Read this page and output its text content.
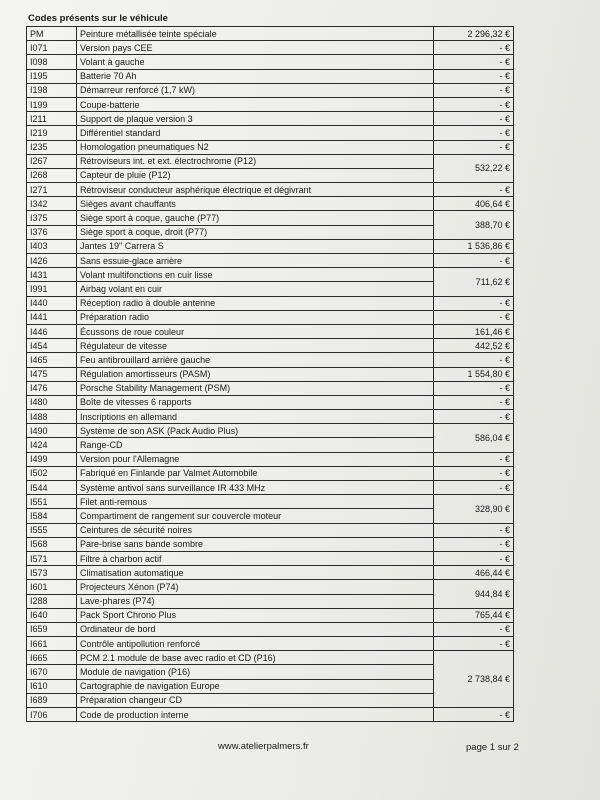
Codes présents sur le véhicule
PM	Peinture métallisée teinte spéciale	2 296,32 €
I071	Version pays CEE	- €
I098	Volant à gauche	- €
I195	Batterie 70 Ah	- €
I198	Démarreur renforcé (1,7 kW)	- €
I199	Coupe-batterie	- €
I211	Support de plaque version 3	- €
I219	Différentiel standard	- €
I235	Homologation pneumatiques N2	- €
I267	Rétroviseurs int. et ext. électrochrome (P12)	532,22 €
I268	Capteur de pluie (P12)	
I271	Rétroviseur conducteur asphérique électrique et dégivrant	- €
I342	Sièges avant chauffants	406,64 €
I375	Siège sport à coque, gauche (P77)	388,70 €
I376	Siège sport à coque, droit (P77)	
I403	Jantes 19" Carrera S	1 536,86 €
I426	Sans essuie-glace arrière	- €
I431	Volant multifonctions en cuir lisse	711,62 €
I991	Airbag volant en cuir	
I440	Réception radio à double antenne	- €
I441	Préparation radio	- €
I446	Écussons de roue couleur	161,46 €
I454	Régulateur de vitesse	442,52 €
I465	Feu antibrouillard arrière gauche	- €
I475	Régulation amortisseurs (PASM)	1 554,80 €
I476	Porsche Stability Management (PSM)	- €
I480	Boîte de vitesses 6 rapports	- €
I488	Inscriptions en allemand	- €
I490	Système de son ASK (Pack Audio Plus)	586,04 €
I424	Range-CD	
I499	Version pour l'Allemagne	- €
I502	Fabriqué en Finlande par Valmet Automobile	- €
I544	Système antivol sans surveillance IR 433 MHz	- €
I551	Filet anti-remous	328,90 €
I584	Compartiment de rangement sur couvercle moteur	
I555	Ceintures de sécurité noires	- €
I568	Pare-brise sans bande sombre	- €
I571	Filtre à charbon actif	- €
I573	Climatisation automatique	466,44 €
I601	Projecteurs Xénon (P74)	944,84 €
I288	Lave-phares (P74)	
I640	Pack Sport Chrono Plus	765,44 €
I659	Ordinateur de bord	- €
I661	Contrôle antipollution renforcé	- €
I665	PCM 2.1 module de base avec radio et CD (P16)	2 738,84 €
I670	Module de navigation (P16)	
I610	Cartographie de navigation Europe	
I689	Préparation changeur CD	
I706	Code de production interne	- €
www.atelierpalmers.fr	page 1 sur 2
